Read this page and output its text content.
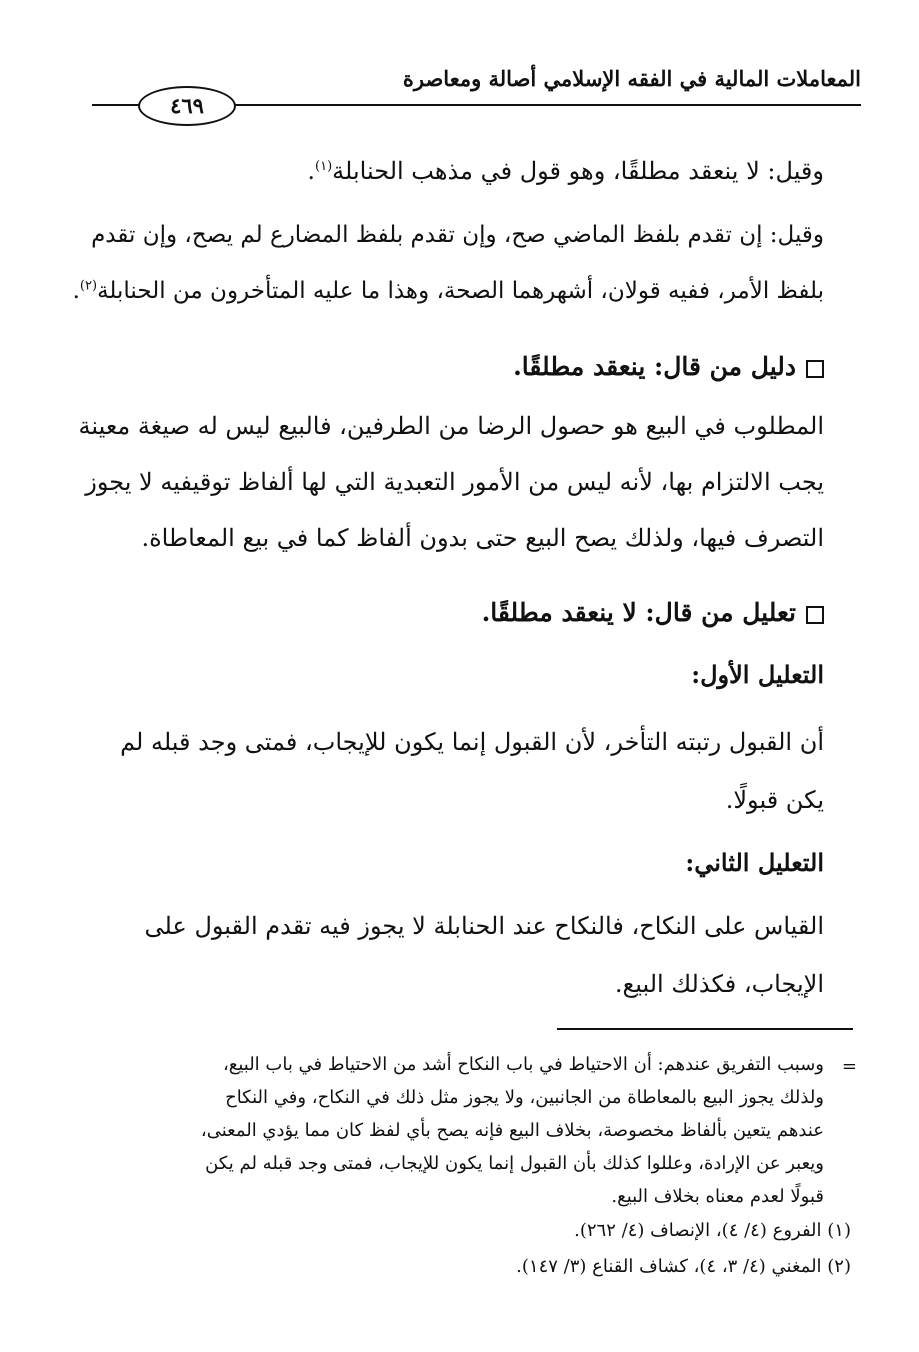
المعاملات المالية في الفقه الإسلامي أصالة ومعاصرة
٤٦٩
وقيل: لا ينعقد مطلقًا، وهو قول في مذهب الحنابلة$^{(١)}$.
وقيل: إن تقدم بلفظ الماضي صح، وإن تقدم بلفظ المضارع لم يصح، وإن تقدم
بلفظ الأمر، ففيه قولان، أشهرهما الصحة، وهذا ما عليه المتأخرون من الحنابلة$^{(٢)}$.
دليل من قال: ينعقد مطلقًا.
المطلوب في البيع هو حصول الرضا من الطرفين، فالبيع ليس له صيغة معينة
يجب الالتزام بها، لأنه ليس من الأمور التعبدية التي لها ألفاظ توقيفيه لا يجوز
التصرف فيها، ولذلك يصح البيع حتى بدون ألفاظ كما في بيع المعاطاة.
تعليل من قال: لا ينعقد مطلقًا.
التعليل الأول:
أن القبول رتبته التأخر، لأن القبول إنما يكون للإيجاب، فمتى وجد قبله لم
يكن قبولًا.
التعليل الثاني:
القياس على النكاح، فالنكاح عند الحنابلة لا يجوز فيه تقدم القبول على
الإيجاب، فكذلك البيع.
=
وسبب التفريق عندهم: أن الاحتياط في باب النكاح أشد من الاحتياط في باب البيع،
ولذلك يجوز البيع بالمعاطاة من الجانبين، ولا يجوز مثل ذلك في النكاح، وفي النكاح
عندهم يتعين بألفاظ مخصوصة، بخلاف البيع فإنه يصح بأي لفظ كان مما يؤدي المعنى،
ويعبر عن الإرادة، وعللوا كذلك بأن القبول إنما يكون للإيجاب، فمتى وجد قبله لم يكن
قبولًا لعدم معناه بخلاف البيع.
(١) الفروع (٤/ ٤)، الإنصاف (٤/ ٢٦٢).
(٢) المغني (٤/ ٣، ٤)، كشاف القناع (٣/ ١٤٧).
